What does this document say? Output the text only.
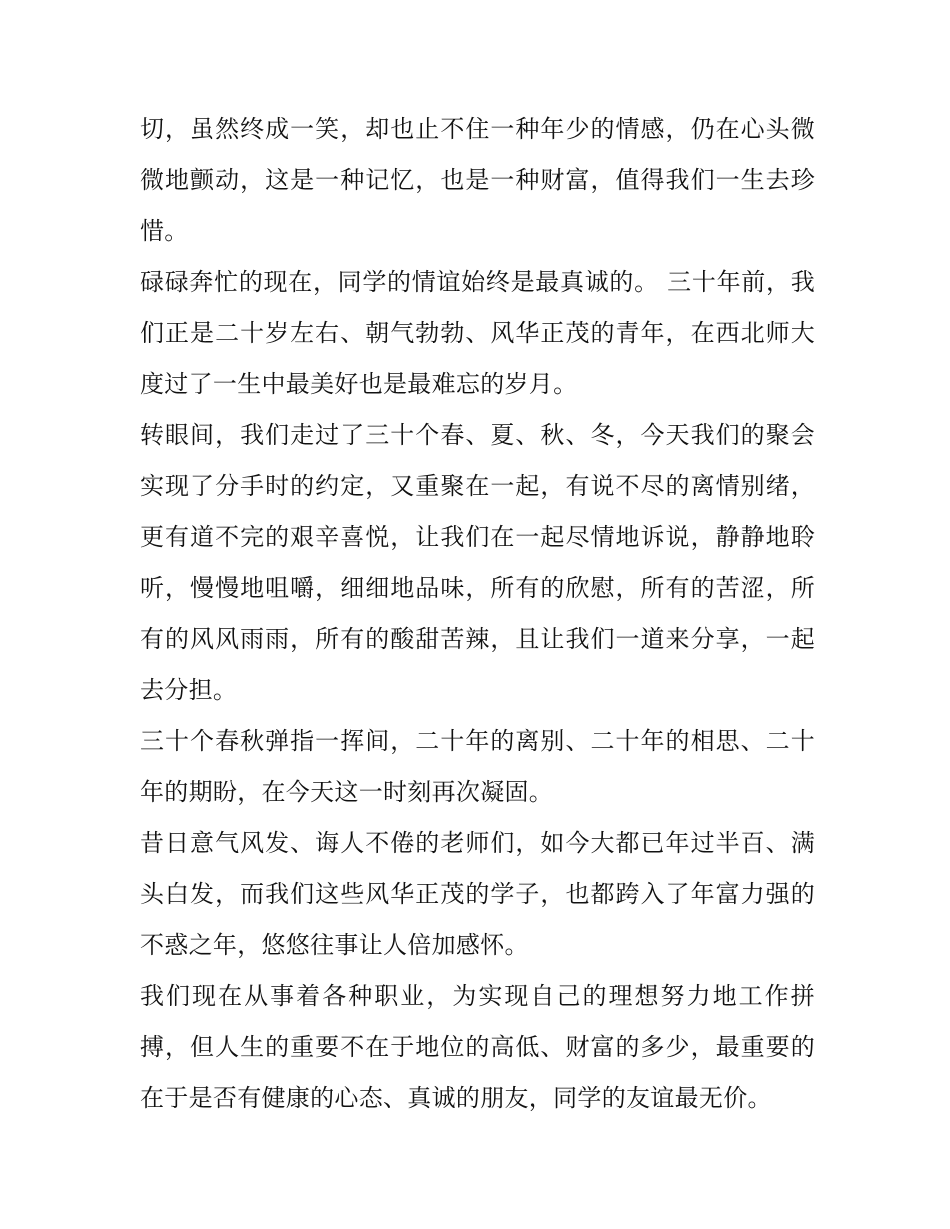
切，虽然终成一笑，却也止不住一种年少的情感，仍在心头微微地颤动，这是一种记忆，也是一种财富，值得我们一生去珍惜。

碌碌奔忙的现在，同学的情谊始终是最真诚的。 三十年前，我们正是二十岁左右、朝气勃勃、风华正茂的青年，在西北师大度过了一生中最美好也是最难忘的岁月。

转眼间，我们走过了三十个春、夏、秋、冬，今天我们的聚会实现了分手时的约定，又重聚在一起，有说不尽的离情别绪，更有道不完的艰辛喜悦，让我们在一起尽情地诉说，静静地聆听，慢慢地咀嚼，细细地品味，所有的欣慰，所有的苦涩，所有的风风雨雨，所有的酸甜苦辣，且让我们一道来分享，一起去分担。

三十个春秋弹指一挥间，二十年的离别、二十年的相思、二十年的期盼，在今天这一时刻再次凝固。

昔日意气风发、诲人不倦的老师们，如今大都已年过半百、满头白发，而我们这些风华正茂的学子，也都跨入了年富力强的不惑之年，悠悠往事让人倍加感怀。

我们现在从事着各种职业，为实现自己的理想努力地工作拼搏，但人生的重要不在于地位的高低、财富的多少，最重要的在于是否有健康的心态、真诚的朋友，同学的友谊最无价。
